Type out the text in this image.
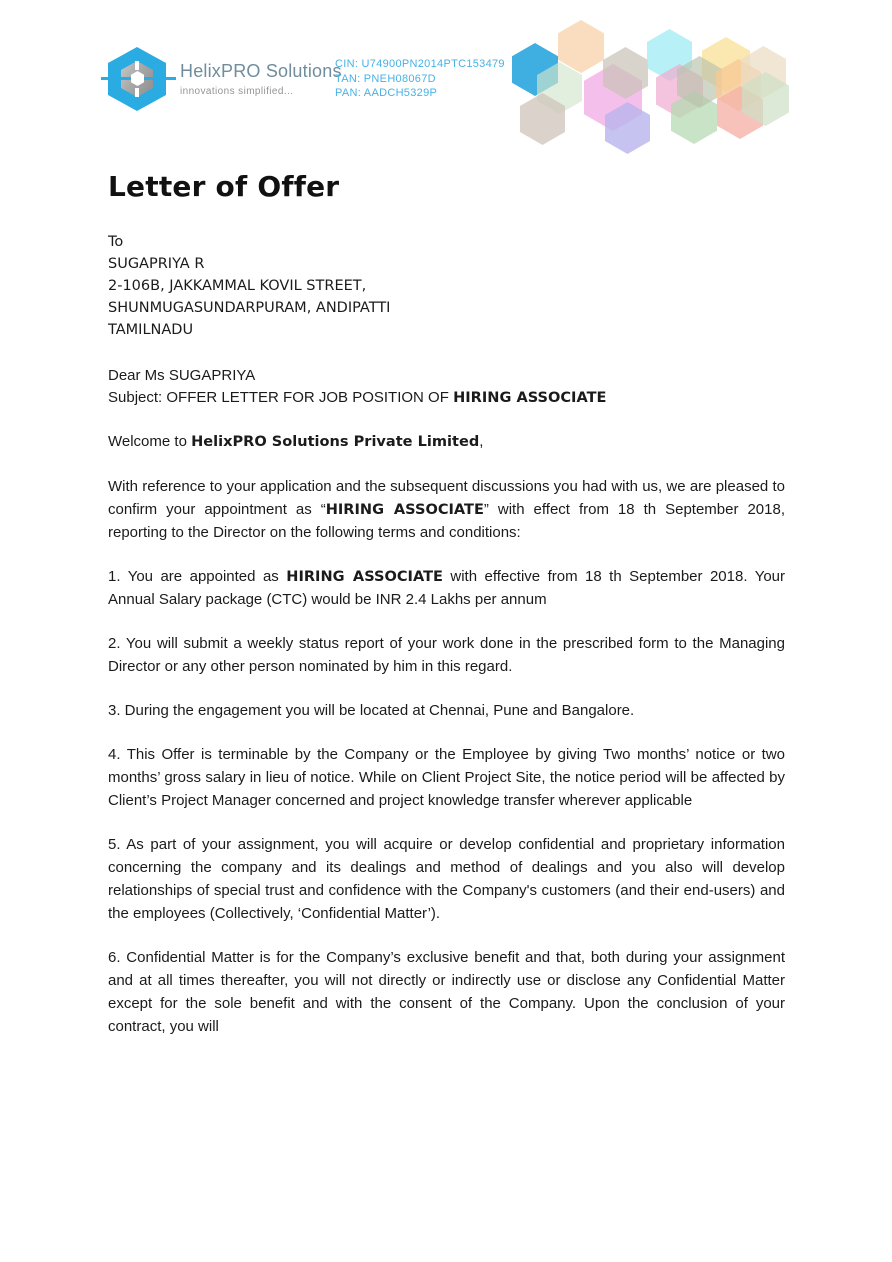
HelixPRO Solutions
innovations simplified...
CIN: U74900PN2014PTC153479
TAN: PNEH08067D
PAN: AADCH5329P
Letter of Offer
To
SUGAPRIYA R
2-106B, JAKKAMMAL KOVIL STREET,
SHUNMUGASUNDARPURAM, ANDIPATTI
TAMILNADU
Dear Ms SUGAPRIYA
Subject: OFFER LETTER FOR JOB POSITION OF HIRING ASSOCIATE
Welcome to HelixPRO Solutions Private Limited,

With reference to your application and the subsequent discussions you had with us, we are pleased to confirm your appointment as “HIRING ASSOCIATE” with effect from 18 th September 2018, reporting to the Director on the following terms and conditions:

1. You are appointed as HIRING ASSOCIATE with effective from 18 th September 2018. Your Annual Salary package (CTC) would be INR 2.4 Lakhs per annum

2. You will submit a weekly status report of your work done in the prescribed form to the Managing Director or any other person nominated by him in this regard.

3. During the engagement you will be located at Chennai, Pune and Bangalore.

4. This Offer is terminable by the Company or the Employee by giving Two months’ notice or two months’ gross salary in lieu of notice. While on Client Project Site, the notice period will be affected by Client’s Project Manager concerned and project knowledge transfer wherever applicable

5. As part of your assignment, you will acquire or develop confidential and proprietary information concerning the company and its dealings and method of dealings and you also will develop relationships of special trust and confidence with the Company's customers (and their end-users) and the employees (Collectively, ‘Confidential Matter’).

6. Confidential Matter is for the Company’s exclusive benefit and that, both during your assignment and at all times thereafter, you will not directly or indirectly use or disclose any Confidential Matter except for the sole benefit and with the consent of the Company. Upon the conclusion of your contract, you will
